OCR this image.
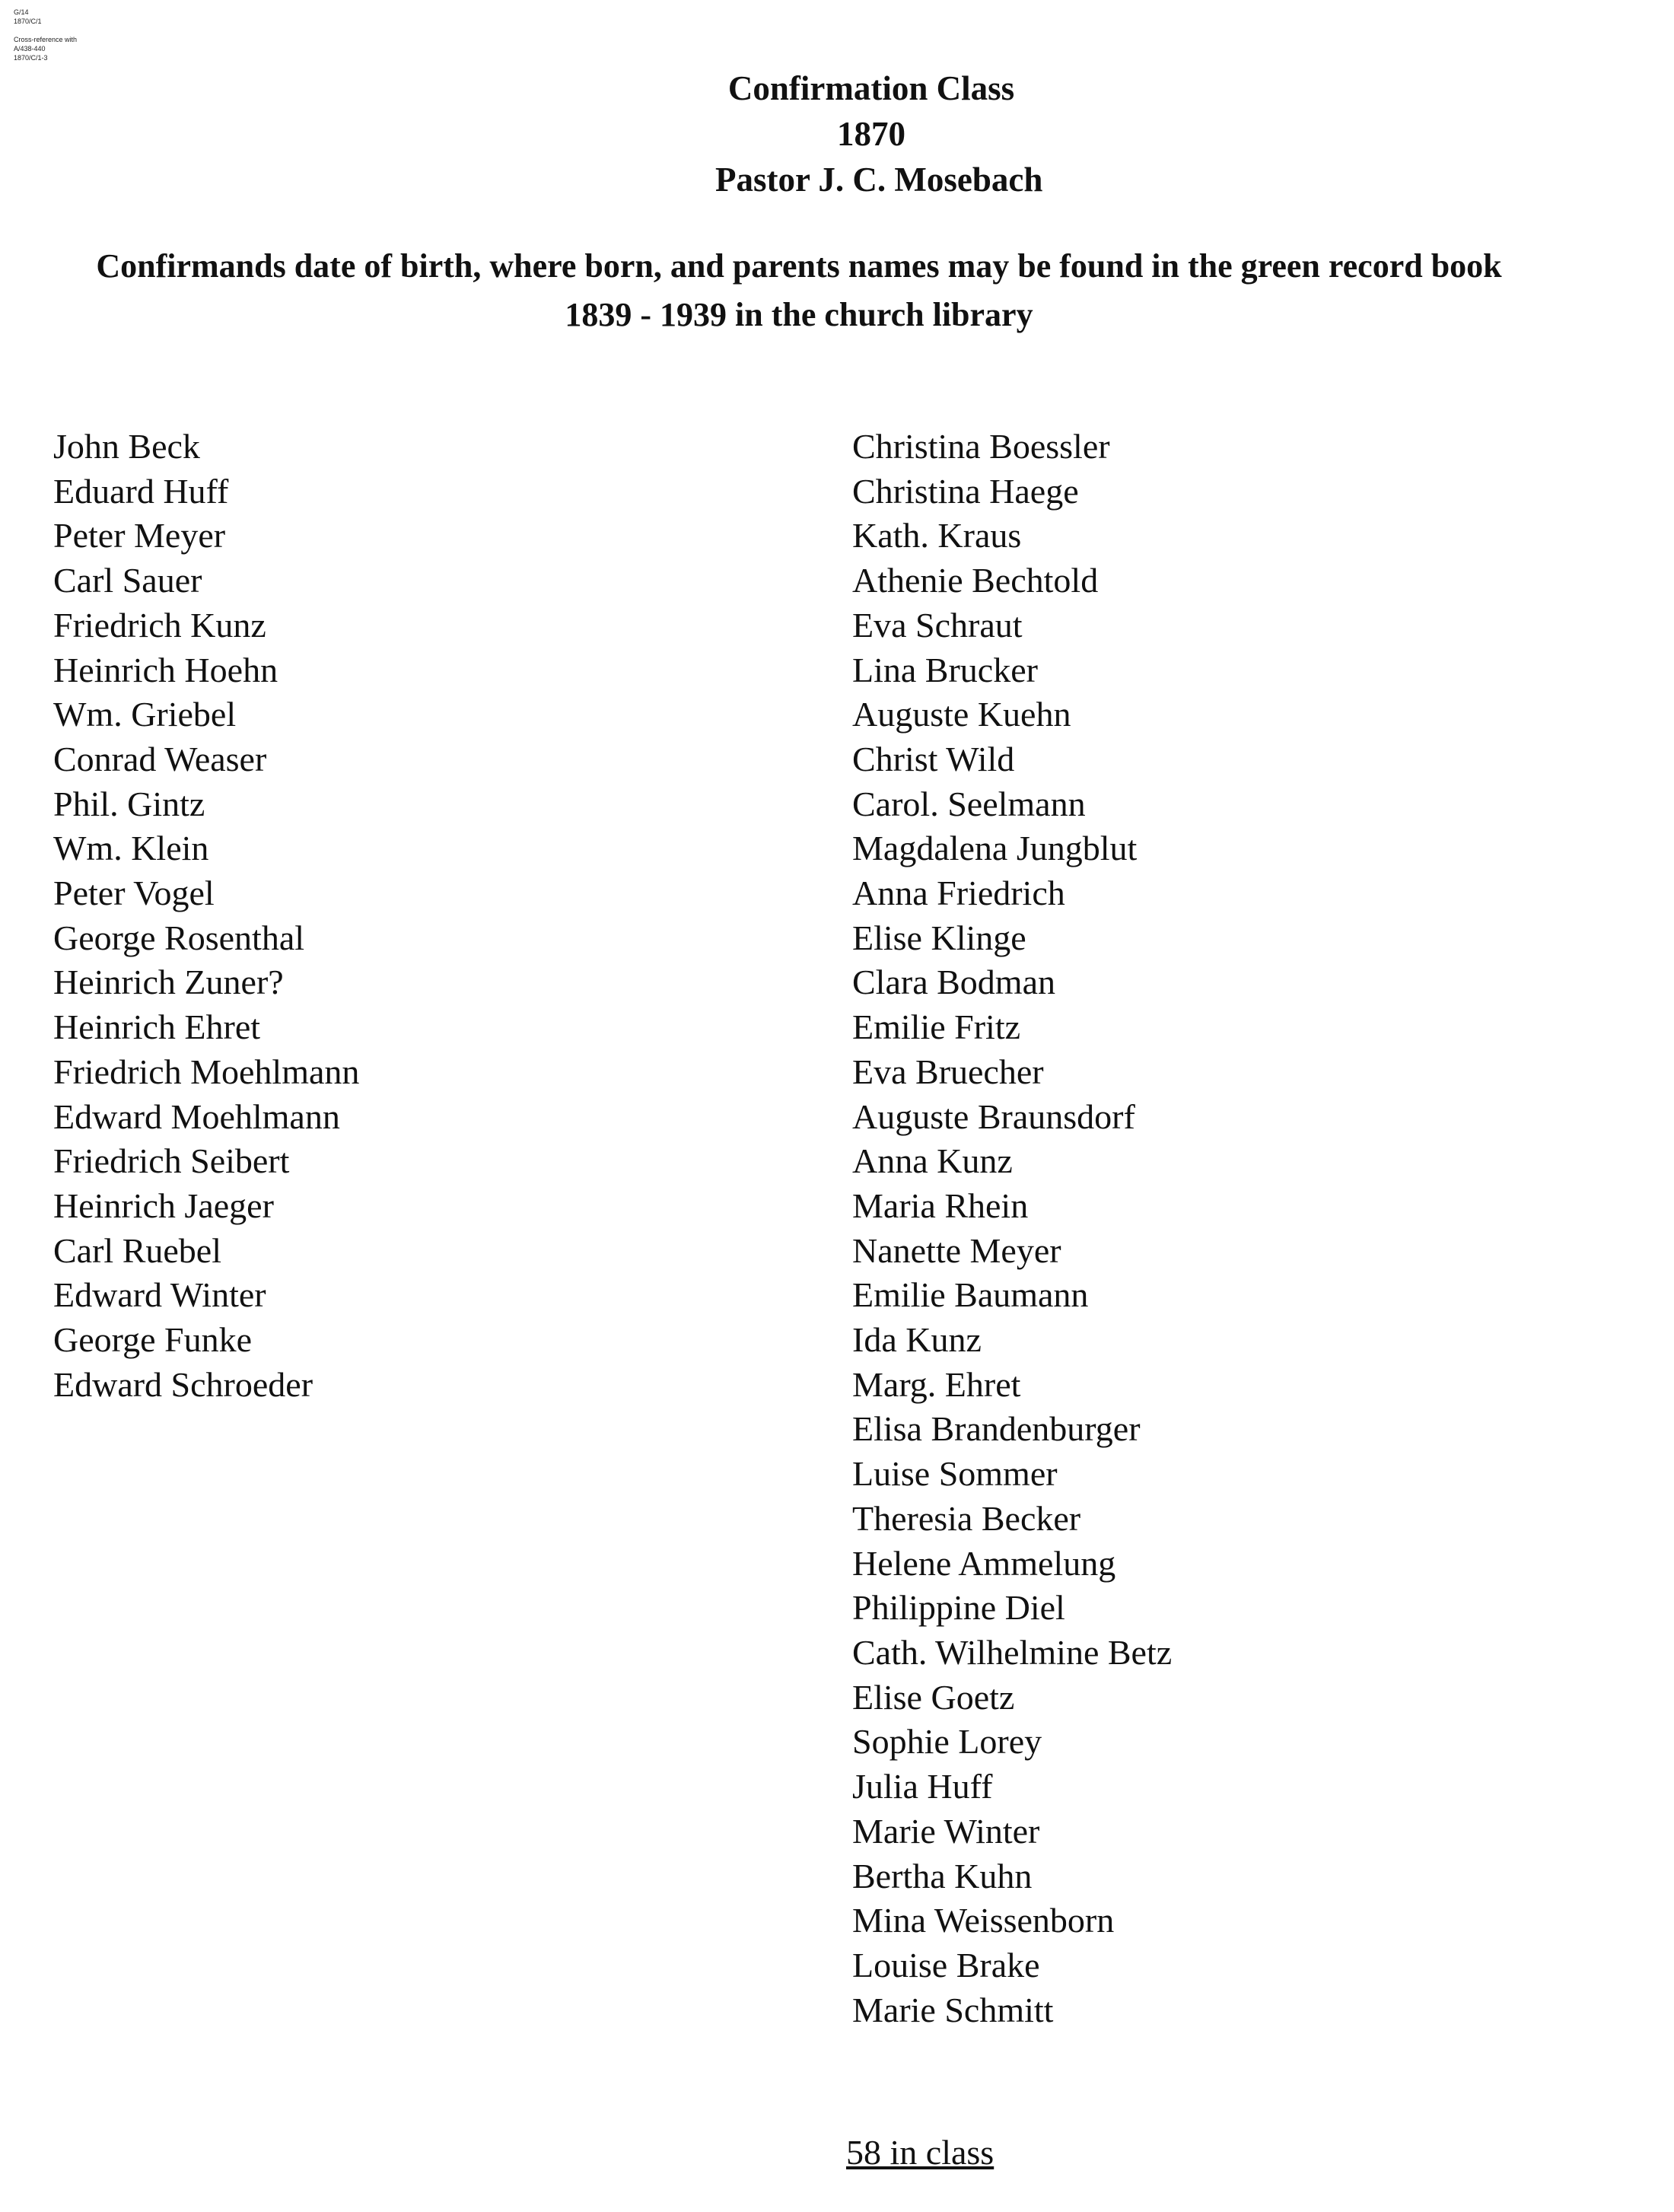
G/14
1870/C/1
Cross-reference with
A/438-440
1870/C/1-3
Confirmation Class
1870
Pastor J. C. Mosebach
Confirmands date of birth, where born, and parents names may be found in the green record book 1839 - 1939 in the church library
John Beck
Eduard Huff
Peter Meyer
Carl Sauer
Friedrich Kunz
Heinrich Hoehn
Wm. Griebel
Conrad Weaser
Phil. Gintz
Wm. Klein
Peter Vogel
George Rosenthal
Heinrich Zuner?
Heinrich Ehret
Friedrich Moehlmann
Edward Moehlmann
Friedrich Seibert
Heinrich Jaeger
Carl Ruebel
Edward Winter
George Funke
Edward Schroeder
Christina Boessler
Christina Haege
Kath. Kraus
Athenie Bechtold
Eva Schraut
Lina Brucker
Auguste Kuehn
Christ Wild
Carol. Seelmann
Magdalena Jungblut
Anna Friedrich
Elise Klinge
Clara Bodman
Emilie Fritz
Eva Bruecher
Auguste Braunsdorf
Anna Kunz
Maria Rhein
Nanette Meyer
Emilie Baumann
Ida Kunz
Marg. Ehret
Elisa Brandenburger
Luise Sommer
Theresia Becker
Helene Ammelung
Philippine Diel
Cath. Wilhelmine Betz
Elise Goetz
Sophie Lorey
Julia Huff
Marie Winter
Bertha Kuhn
Mina Weissenborn
Louise Brake
Marie Schmitt
58 in class
